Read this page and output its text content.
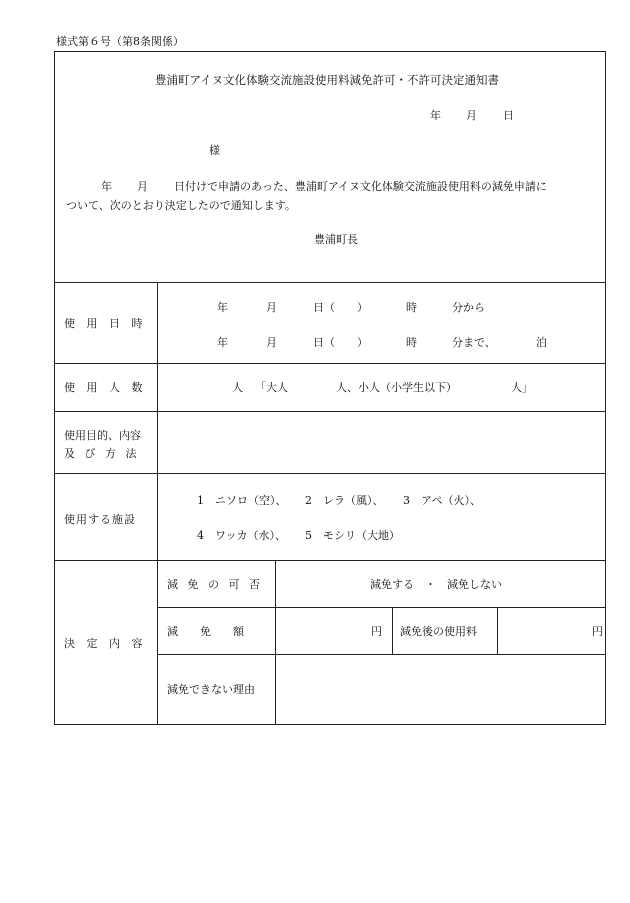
様式第６号（第8条関係）
豊浦町アイヌ文化体験交流施設使用料減免許可・不許可決定通知書
年 月 日
様
年 月 日付けで申請のあった、豊浦町アイヌ文化体験交流施設使用料の減免申請に
ついて、次のとおり決定したので通知します。
豊浦町長
使 用 日 時
年	月	日（　　）	時	分から
年	月	日（　　）	時	分まで、	泊
使 用 人 数	人 「大人	人、小人（小学生以下）	人」
使用目的、内容
及 び 方 法
使用する施設
1　ニソロ（空）、 2　レラ（風）、 3　アペ（火）、
4　ワッカ（水）、 5　モシリ（大地）
決 定 内 容
減 免 の 可 否	減免する　・　減免しない
減　　免　　額	円 減免後の使用料	円
減免できない理由
